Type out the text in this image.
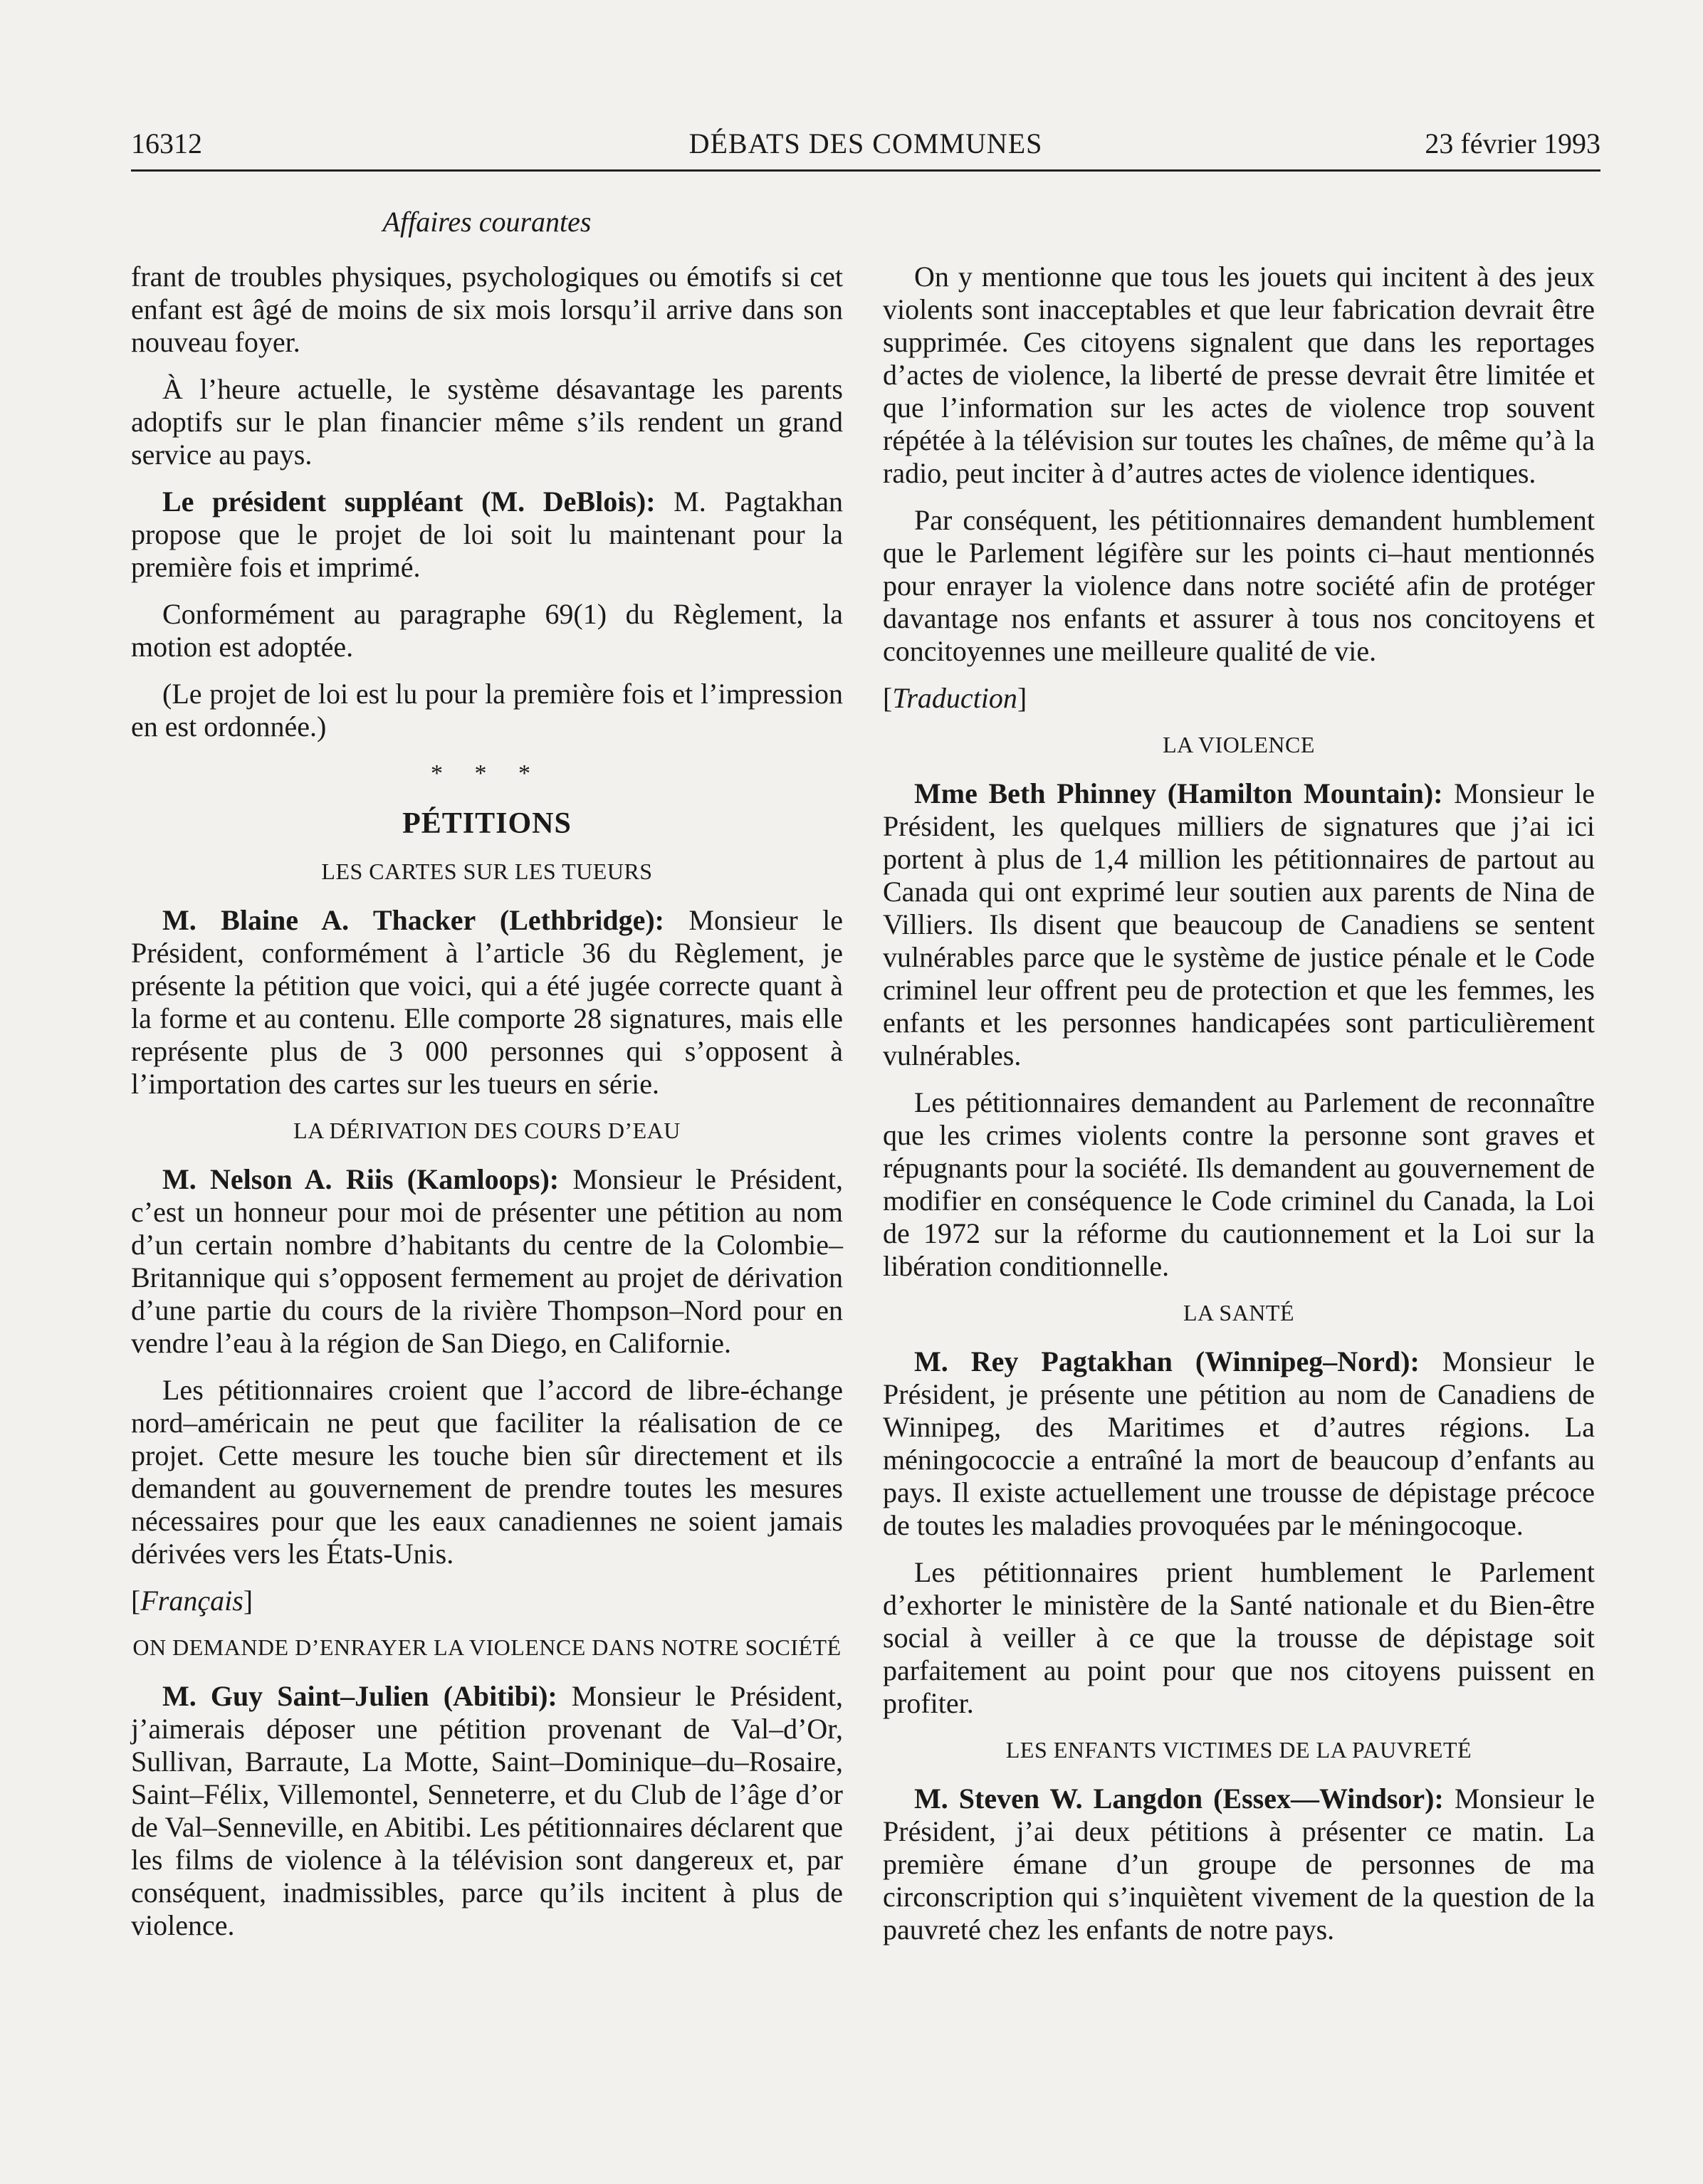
16312	DÉBATS DES COMMUNES	23 février 1993
Affaires courantes

frant de troubles physiques, psychologiques ou émotifs si cet enfant est âgé de moins de six mois lorsqu’il arrive dans son nouveau foyer.

À l’heure actuelle, le système désavantage les parents adoptifs sur le plan financier même s’ils rendent un grand service au pays.

Le président suppléant (M. DeBlois): M. Pagtakhan propose que le projet de loi soit lu maintenant pour la première fois et imprimé.

Conformément au paragraphe 69(1) du Règlement, la motion est adoptée.

(Le projet de loi est lu pour la première fois et l’impression en est ordonnée.)

* * *
PÉTITIONS
LES CARTES SUR LES TUEURS

M. Blaine A. Thacker (Lethbridge): Monsieur le Président, conformément à l’article 36 du Règlement, je présente la pétition que voici, qui a été jugée correcte quant à la forme et au contenu. Elle comporte 28 signatures, mais elle représente plus de 3 000 personnes qui s’opposent à l’importation des cartes sur les tueurs en série.

LA DÉRIVATION DES COURS D’EAU

M. Nelson A. Riis (Kamloops): Monsieur le Président, c’est un honneur pour moi de présenter une pétition au nom d’un certain nombre d’habitants du centre de la Colombie–Britannique qui s’opposent fermement au projet de dérivation d’une partie du cours de la rivière Thompson–Nord pour en vendre l’eau à la région de San Diego, en Californie.

Les pétitionnaires croient que l’accord de libre-échange nord–américain ne peut que faciliter la réalisation de ce projet. Cette mesure les touche bien sûr directement et ils demandent au gouvernement de prendre toutes les mesures nécessaires pour que les eaux canadiennes ne soient jamais dérivées vers les États-Unis.

[Français]

ON DEMANDE D’ENRAYER LA VIOLENCE DANS NOTRE SOCIÉTÉ

M. Guy Saint–Julien (Abitibi): Monsieur le Président, j’aimerais déposer une pétition provenant de Val–d’Or, Sullivan, Barraute, La Motte, Saint–Dominique–du–Rosaire, Saint–Félix, Villemontel, Senneterre, et du Club de l’âge d’or de Val–Senneville, en Abitibi. Les pétitionnaires déclarent que les films de violence à la télévision sont dangereux et, par conséquent, inadmissibles, parce qu’ils incitent à plus de violence.

On y mentionne que tous les jouets qui incitent à des jeux violents sont inacceptables et que leur fabrication devrait être supprimée. Ces citoyens signalent que dans les reportages d’actes de violence, la liberté de presse devrait être limitée et que l’information sur les actes de violence trop souvent répétée à la télévision sur toutes les chaînes, de même qu’à la radio, peut inciter à d’autres actes de violence identiques.

Par conséquent, les pétitionnaires demandent humblement que le Parlement légifère sur les points ci–haut mentionnés pour enrayer la violence dans notre société afin de protéger davantage nos enfants et assurer à tous nos concitoyens et concitoyennes une meilleure qualité de vie.

[Traduction]

LA VIOLENCE

Mme Beth Phinney (Hamilton Mountain): Monsieur le Président, les quelques milliers de signatures que j’ai ici portent à plus de 1,4 million les pétitionnaires de partout au Canada qui ont exprimé leur soutien aux parents de Nina de Villiers. Ils disent que beaucoup de Canadiens se sentent vulnérables parce que le système de justice pénale et le Code criminel leur offrent peu de protection et que les femmes, les enfants et les personnes handicapées sont particulièrement vulnérables.

Les pétitionnaires demandent au Parlement de reconnaître que les crimes violents contre la personne sont graves et répugnants pour la société. Ils demandent au gouvernement de modifier en conséquence le Code criminel du Canada, la Loi de 1972 sur la réforme du cautionnement et la Loi sur la libération conditionnelle.

LA SANTÉ

M. Rey Pagtakhan (Winnipeg–Nord): Monsieur le Président, je présente une pétition au nom de Canadiens de Winnipeg, des Maritimes et d’autres régions. La méningococcie a entraîné la mort de beaucoup d’enfants au pays. Il existe actuellement une trousse de dépistage précoce de toutes les maladies provoquées par le méningocoque.

Les pétitionnaires prient humblement le Parlement d’exhorter le ministère de la Santé nationale et du Bien-être social à veiller à ce que la trousse de dépistage soit parfaitement au point pour que nos citoyens puissent en profiter.

LES ENFANTS VICTIMES DE LA PAUVRETÉ

M. Steven W. Langdon (Essex—Windsor): Monsieur le Président, j’ai deux pétitions à présenter ce matin. La première émane d’un groupe de personnes de ma circonscription qui s’inquiètent vivement de la question de la pauvreté chez les enfants de notre pays.
